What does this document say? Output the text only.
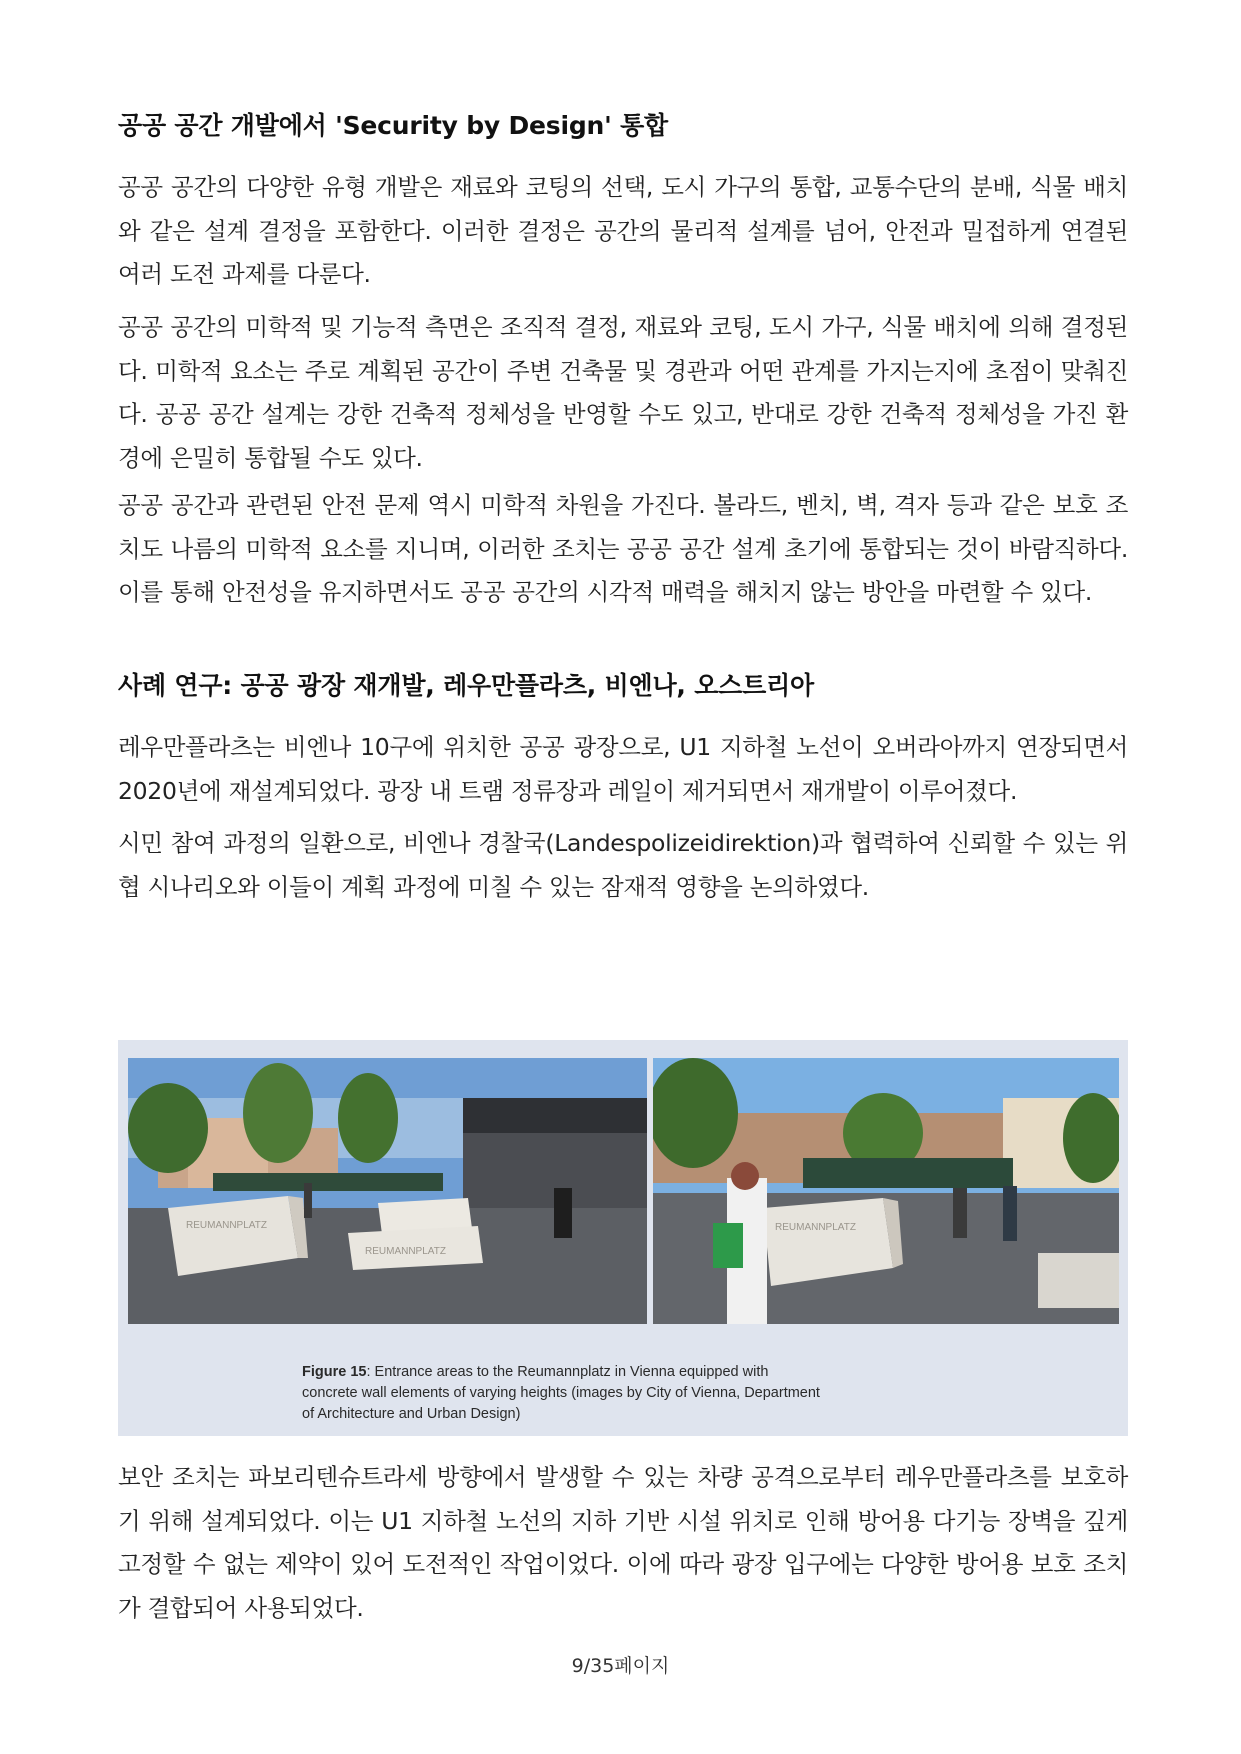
공공 공간 개발에서 'Security by Design' 통합

공공 공간의 다양한 유형 개발은 재료와 코팅의 선택, 도시 가구의 통합, 교통수단의 분배, 식물 배치와 같은 설계 결정을 포함한다. 이러한 결정은 공간의 물리적 설계를 넘어, 안전과 밀접하게 연결된 여러 도전 과제를 다룬다.

공공 공간의 미학적 및 기능적 측면은 조직적 결정, 재료와 코팅, 도시 가구, 식물 배치에 의해 결정된다. 미학적 요소는 주로 계획된 공간이 주변 건축물 및 경관과 어떤 관계를 가지는지에 초점이 맞춰진다. 공공 공간 설계는 강한 건축적 정체성을 반영할 수도 있고, 반대로 강한 건축적 정체성을 가진 환경에 은밀히 통합될 수도 있다.

공공 공간과 관련된 안전 문제 역시 미학적 차원을 가진다. 볼라드, 벤치, 벽, 격자 등과 같은 보호 조치도 나름의 미학적 요소를 지니며, 이러한 조치는 공공 공간 설계 초기에 통합되는 것이 바람직하다. 이를 통해 안전성을 유지하면서도 공공 공간의 시각적 매력을 해치지 않는 방안을 마련할 수 있다.

사례 연구: 공공 광장 재개발, 레우만플라츠, 비엔나, 오스트리아

레우만플라츠는 비엔나 10구에 위치한 공공 광장으로, U1 지하철 노선이 오버라아까지 연장되면서 2020년에 재설계되었다. 광장 내 트램 정류장과 레일이 제거되면서 재개발이 이루어졌다.

시민 참여 과정의 일환으로, 비엔나 경찰국(Landespolizeidirektion)과 협력하여 신뢰할 수 있는 위협 시나리오와 이들이 계획 과정에 미칠 수 있는 잠재적 영향을 논의하였다.

REUMANNPLATZ
REUMANNPLATZ
REUMANNPLATZ
Figure 15: Entrance areas to the Reumannplatz in Vienna equipped with concrete wall elements of varying heights (images by City of Vienna, Department of Architecture and Urban Design)

보안 조치는 파보리텐슈트라세 방향에서 발생할 수 있는 차량 공격으로부터 레우만플라츠를 보호하기 위해 설계되었다. 이는 U1 지하철 노선의 지하 기반 시설 위치로 인해 방어용 다기능 장벽을 깊게 고정할 수 없는 제약이 있어 도전적인 작업이었다. 이에 따라 광장 입구에는 다양한 방어용 보호 조치가 결합되어 사용되었다.

9/35페이지
